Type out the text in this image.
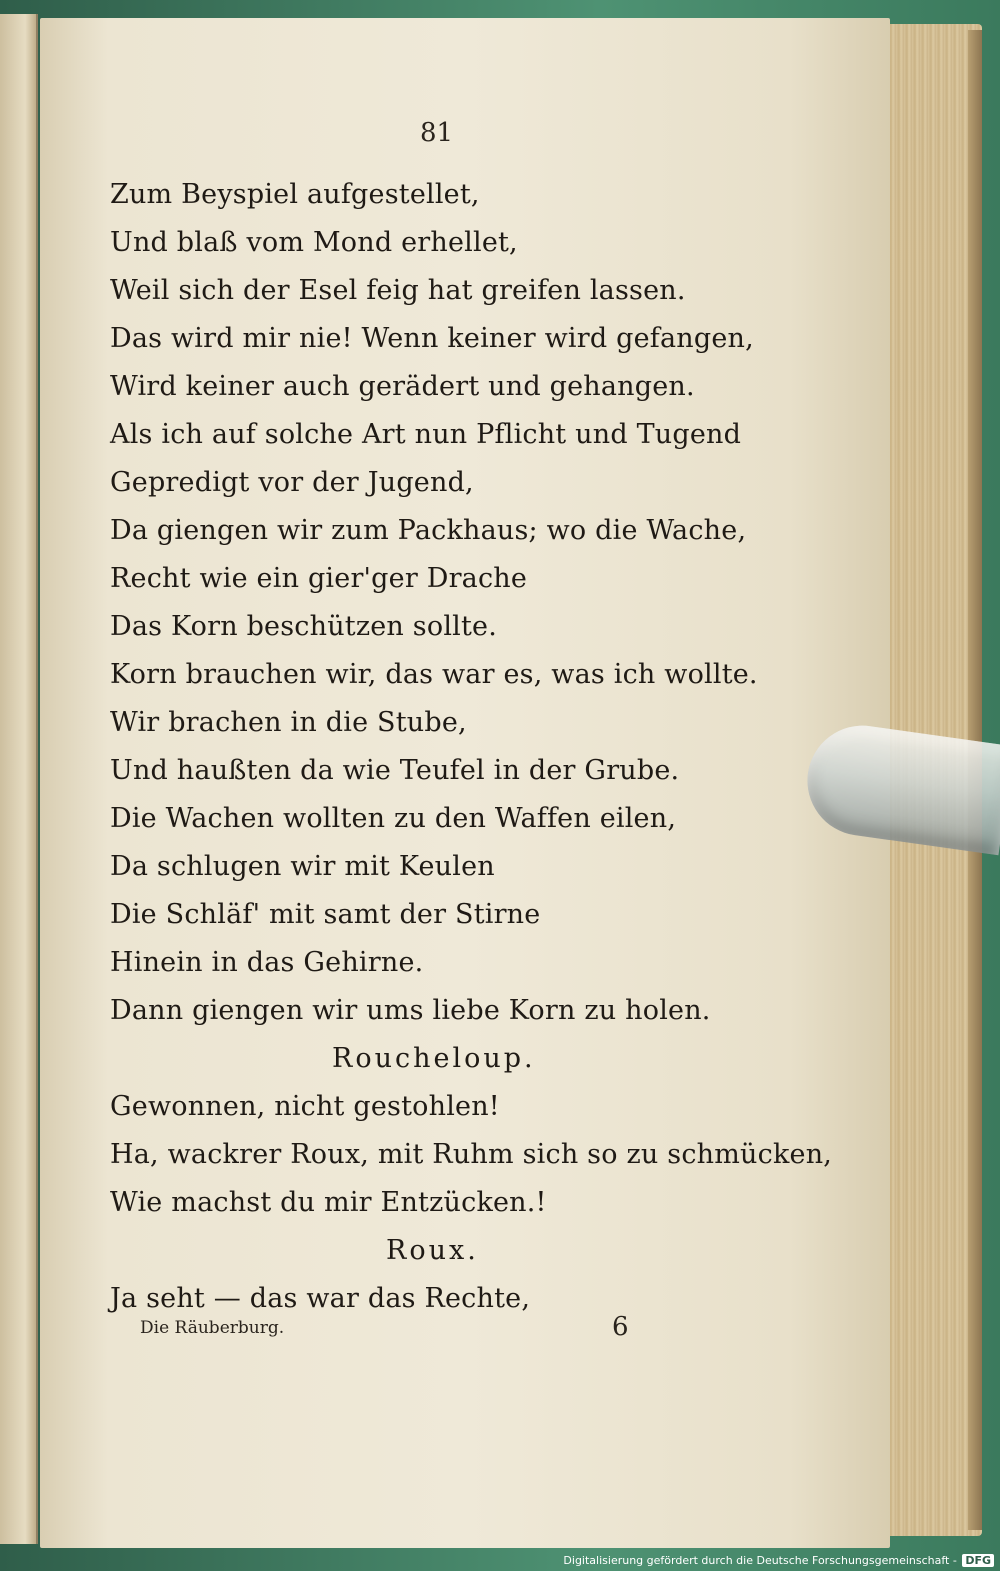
81
Zum Beyspiel aufgestellet,
Und blaß vom Mond erhellet,
Weil sich der Esel feig hat greifen lassen.
Das wird mir nie! Wenn keiner wird gefangen,
Wird keiner auch gerädert und gehangen.
Als ich auf solche Art nun Pflicht und Tugend
Gepredigt vor der Jugend,
Da giengen wir zum Packhaus; wo die Wache,
Recht wie ein gier'ger Drache
Das Korn beschützen sollte.
Korn brauchen wir, das war es, was ich wollte.
Wir brachen in die Stube,
Und haußten da wie Teufel in der Grube.
Die Wachen wollten zu den Waffen eilen,
Da schlugen wir mit Keulen
Die Schläf' mit samt der Stirne
Hinein in das Gehirne.
Dann giengen wir ums liebe Korn zu holen.
Roucheloup.
Gewonnen, nicht gestohlen!
Ha, wackrer Roux, mit Ruhm sich so zu schmücken,
Wie machst du mir Entzücken.!
Roux.
Ja seht — das war das Rechte,
Die Räuberburg.	6
Digitalisierung gefördert durch die Deutsche Forschungsgemeinschaft - DFG
